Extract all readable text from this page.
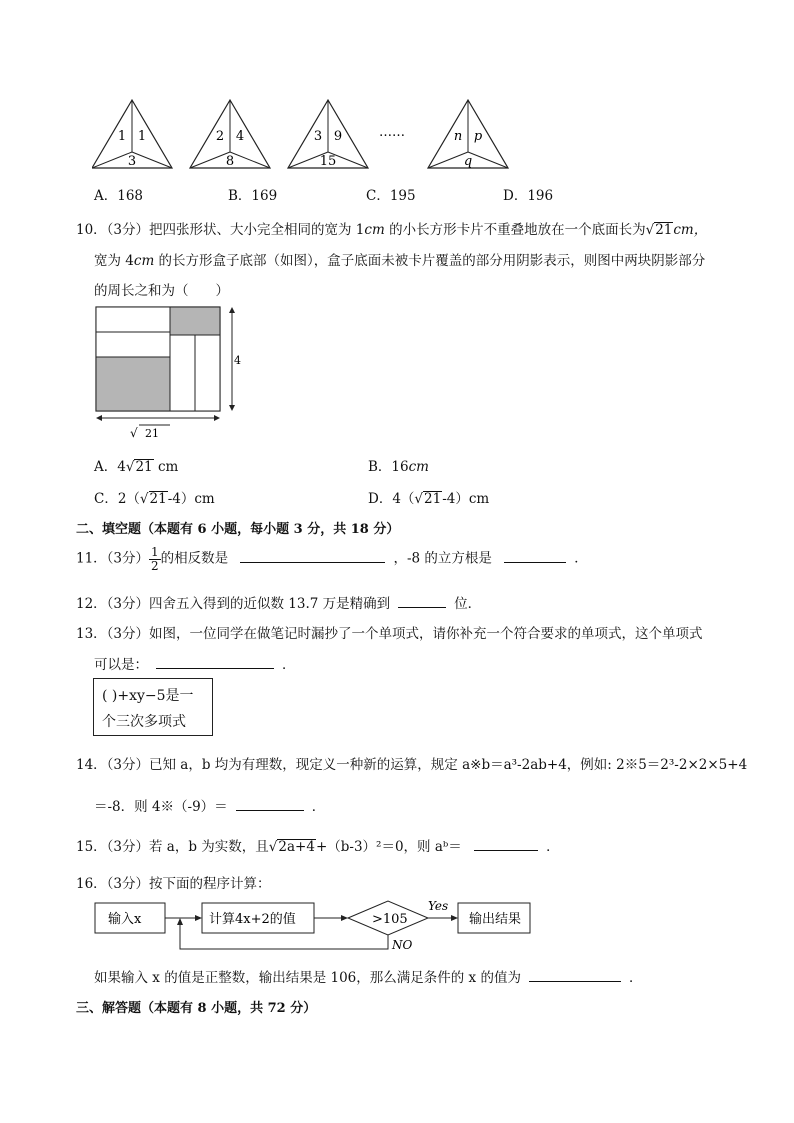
1 1
3
2 4
8
3 9
15
n p
q
……
A．168	B．169	C．195	D．196
10．（3分）把四张形状、大小完全相同的宽为 1cm 的小长方形卡片不重叠地放在一个底面长为√21cm，
宽为 4cm 的长方形盒子底部（如图），盒子底面未被卡片覆盖的部分用阴影表示，则图中两块阴影部分
的周长之和为（　　）
4
√ 21
A．4√21 cm	B．16cm
C．2（√21-4）cm	D．4（√21-4）cm
二、填空题（本题有 6 小题，每小题 3 分，共 18 分）
11．（3分） $\frac{1}{2}$ 的相反数是	，-8 的立方根是	．
12．（3分）四舍五入得到的近似数 13.7 万是精确到	位．
13．（3分）如图，一位同学在做笔记时漏抄了一个单项式，请你补充一个符合要求的单项式，这个单项式
可以是：	．
( )+xy−5是一
个三次多项式
14．（3分）已知 a，b 均为有理数，现定义一种新的运算，规定 a※b＝a³-2ab+4，例如: 2※5＝2³-2×2×5+4
＝-8．则 4※（-9）＝	．
15．（3分）若 a，b 为实数，且√2a+4+（b-3）²＝0，则 aᵇ＝	．
16．（3分）按下面的程序计算：
输入x	计算4x+2的值	>105
Yes
输出结果
NO
如果输入 x 的值是正整数，输出结果是 106，那么满足条件的 x 的值为	．
三、解答题（本题有 8 小题，共 72 分）
